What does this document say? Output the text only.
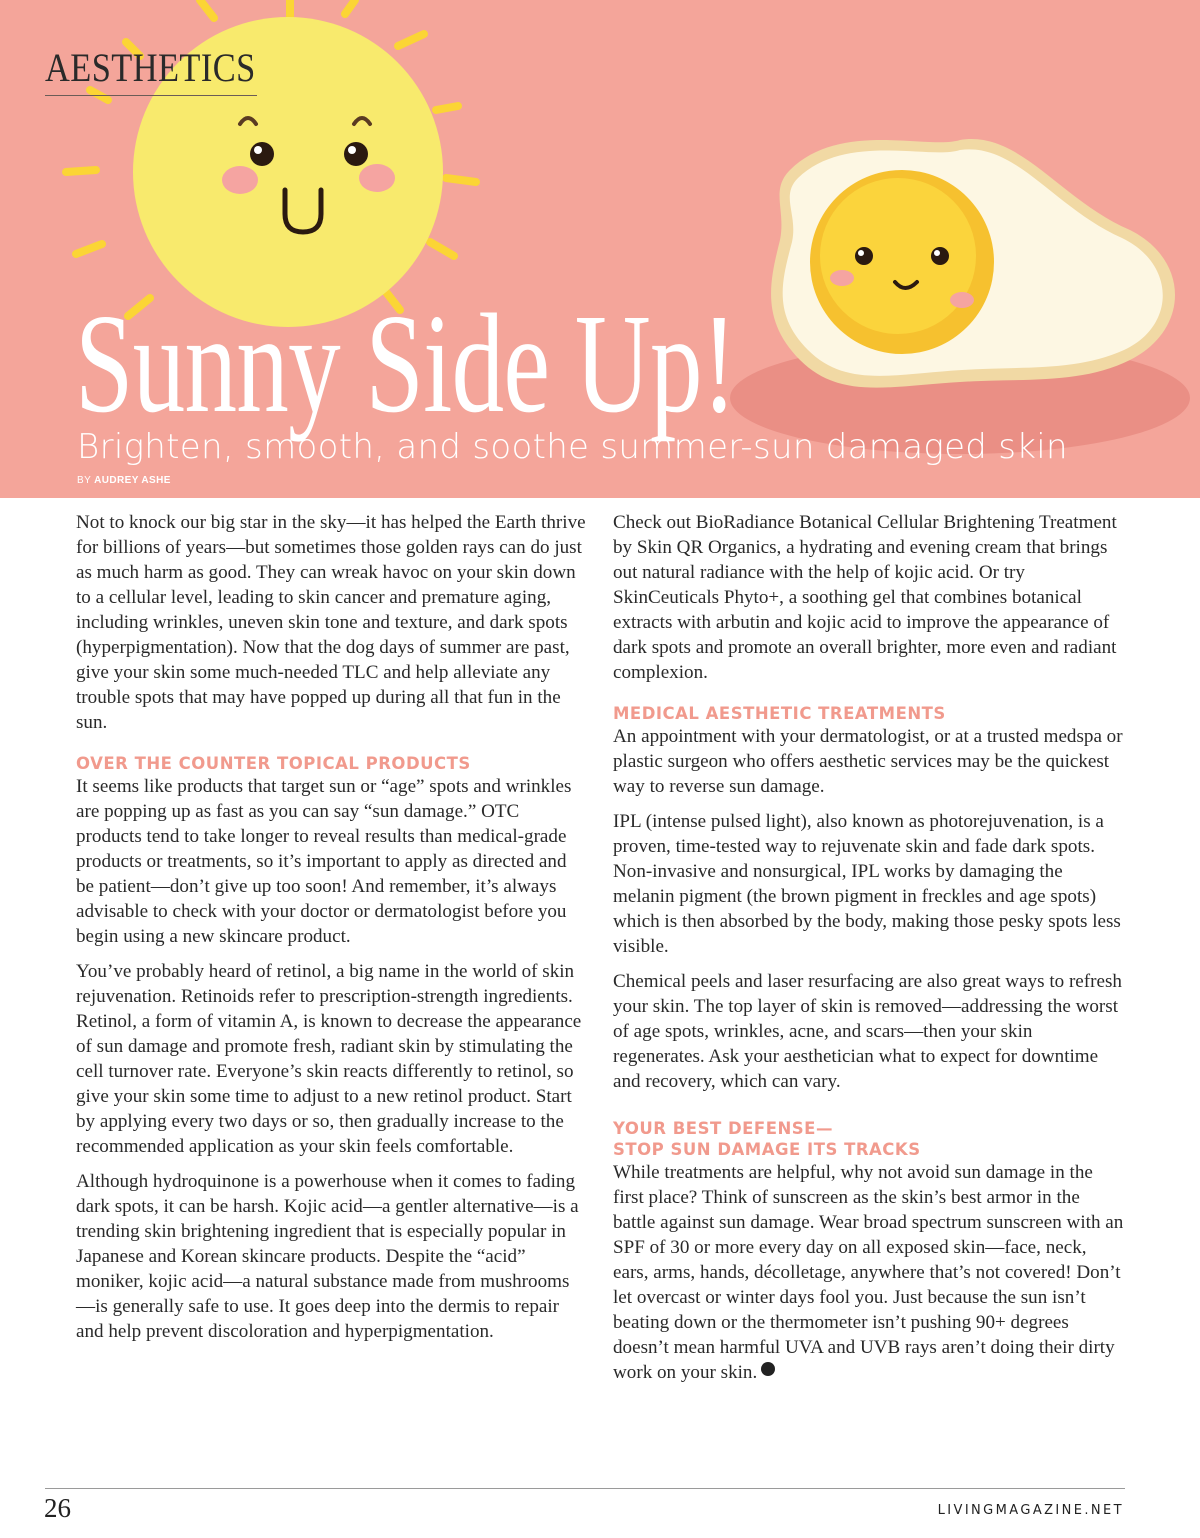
AESTHETICS
Sunny Side Up!
Brighten, smooth, and soothe summer-sun damaged skin
BY AUDREY ASHE

Not to knock our big star in the sky—it has helped the Earth thrive for billions of years—but sometimes those golden rays can do just as much harm as good. They can wreak havoc on your skin down to a cellular level, leading to skin cancer and premature aging, including wrinkles, uneven skin tone and texture, and dark spots (hyperpigmentation). Now that the dog days of summer are past, give your skin some much-needed TLC and help alleviate any trouble spots that may have popped up during all that fun in the sun.

OVER THE COUNTER TOPICAL PRODUCTS

It seems like products that target sun or “age” spots and wrinkles are popping up as fast as you can say “sun damage.” OTC products tend to take longer to reveal results than medical-grade products or treatments, so it’s important to apply as directed and be patient—don’t give up too soon! And remember, it’s always advisable to check with your doctor or dermatologist before you begin using a new skincare product.

You’ve probably heard of retinol, a big name in the world of skin rejuvenation. Retinoids refer to prescription-strength ingredients. Retinol, a form of vitamin A, is known to decrease the appearance of sun damage and promote fresh, radiant skin by stimulating the cell turnover rate. Everyone’s skin reacts differently to retinol, so give your skin some time to adjust to a new retinol product. Start by applying every two days or so, then gradually increase to the recommended application as your skin feels comfortable.

Although hydroquinone is a powerhouse when it comes to fading dark spots, it can be harsh. Kojic acid—a gentler alternative—is a trending skin brightening ingredient that is especially popular in Japanese and Korean skincare products. Despite the “acid” moniker, kojic acid—a natural substance made from mushrooms—is generally safe to use. It goes deep into the dermis to repair and help prevent discoloration and hyperpigmentation.

Check out BioRadiance Botanical Cellular Brightening Treatment by Skin QR Organics, a hydrating and evening cream that brings out natural radiance with the help of kojic acid. Or try SkinCeuticals Phyto+, a soothing gel that combines botanical extracts with arbutin and kojic acid to improve the appearance of dark spots and promote an overall brighter, more even and radiant complexion.

MEDICAL AESTHETIC TREATMENTS

An appointment with your dermatologist, or at a trusted medspa or plastic surgeon who offers aesthetic services may be the quickest way to reverse sun damage.

IPL (intense pulsed light), also known as photorejuvenation, is a proven, time-tested way to rejuvenate skin and fade dark spots. Non-invasive and nonsurgical, IPL works by damaging the melanin pigment (the brown pigment in freckles and age spots) which is then absorbed by the body, making those pesky spots less visible.

Chemical peels and laser resurfacing are also great ways to refresh your skin. The top layer of skin is removed—addressing the worst of age spots, wrinkles, acne, and scars—then your skin regenerates. Ask your aesthetician what to expect for downtime and recovery, which can vary.

YOUR BEST DEFENSE—
STOP SUN DAMAGE ITS TRACKS

While treatments are helpful, why not avoid sun damage in the first place? Think of sunscreen as the skin’s best armor in the battle against sun damage. Wear broad spectrum sunscreen with an SPF of 30 or more every day on all exposed skin—face, neck, ears, arms, hands, décolletage, anywhere that’s not covered! Don’t let overcast or winter days fool you. Just because the sun isn’t beating down or the thermometer isn’t pushing 90+ degrees doesn’t mean harmful UVA and UVB rays aren’t doing their dirty work on your skin.

26	LIVINGMAGAZINE.NET
